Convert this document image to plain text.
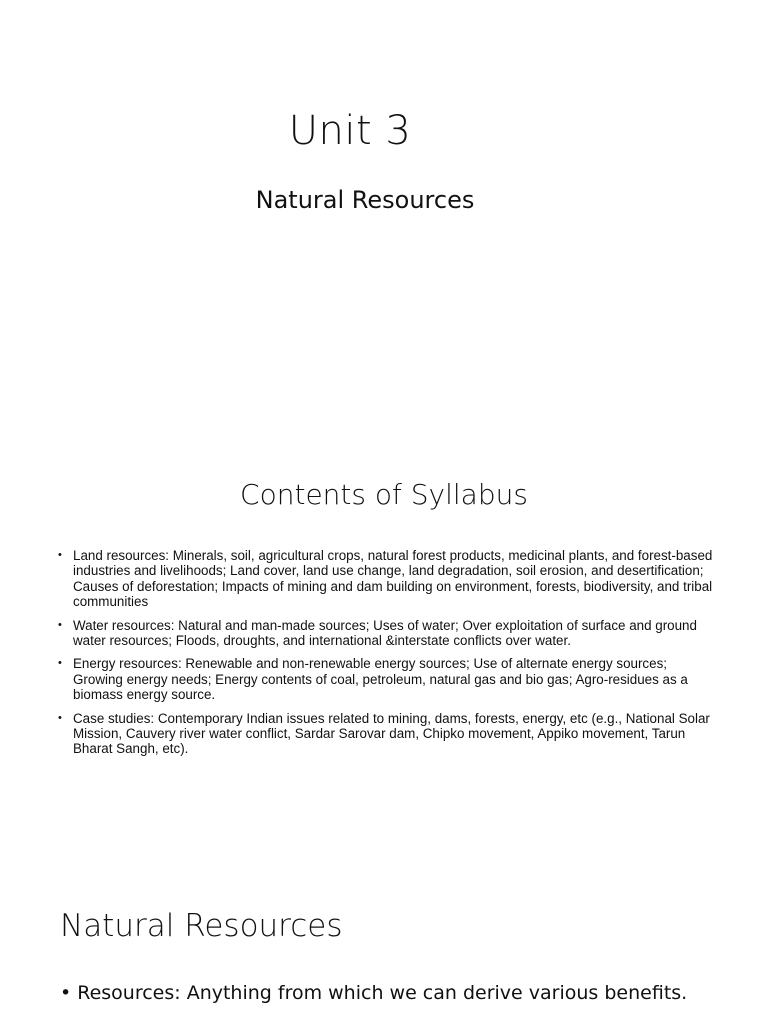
Unit 3
Natural Resources
Contents of Syllabus
• Land resources: Minerals, soil, agricultural crops, natural forest products, medicinal plants, and forest-based industries and livelihoods; Land cover, land use change, land degradation, soil erosion, and desertification; Causes of deforestation; Impacts of mining and dam building on environment, forests, biodiversity, and tribal communities
• Water resources: Natural and man-made sources; Uses of water; Over exploitation of surface and ground water resources; Floods, droughts, and international &interstate conflicts over water.
• Energy resources: Renewable and non-renewable energy sources; Use of alternate energy sources; Growing energy needs; Energy contents of coal, petroleum, natural gas and bio gas; Agro-residues as a biomass energy source.
• Case studies: Contemporary Indian issues related to mining, dams, forests, energy, etc (e.g., National Solar Mission, Cauvery river water conflict, Sardar Sarovar dam, Chipko movement, Appiko movement, Tarun Bharat Sangh, etc).
Natural Resources
• Resources: Anything from which we can derive various benefits.
